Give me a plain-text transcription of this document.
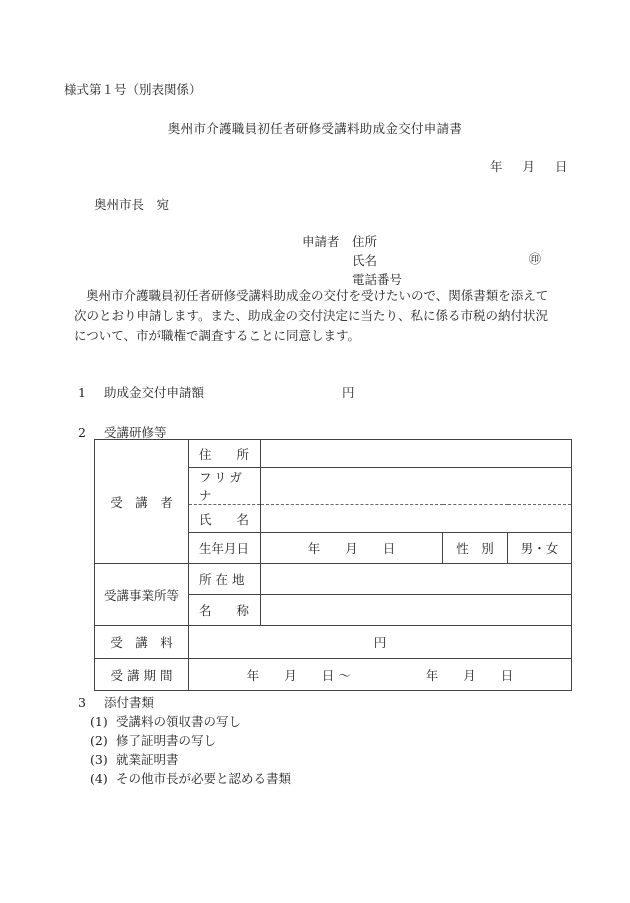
様式第１号（別表関係）
奥州市介護職員初任者研修受講料助成金交付申請書
年 月 日
奥州市長　宛
申請者 住所
氏名
電話番号
㊞
奥州市介護職員初任者研修受講料助成金の交付を受けたいので、関係書類を添えて次のとおり申請します。また、助成金の交付決定に当たり、私に係る市税の納付状況について、市が職権で調査することに同意します。
1 助成金交付申請額	円
2 受講研修等
受　講　者	住　　所			
	フリガナ			
	氏　　名			
	生年月日	年　　月　　日	性　別	男・女
受講事業所等	所 在 地			
	名　　称			
受　講　料	円			
受 講 期 間	年　　月　　日 ～　　　　　　年　　月　　日			
3 添付書類
(1) 受講料の領収書の写し
(2) 修了証明書の写し
(3) 就業証明書
(4) その他市長が必要と認める書類
